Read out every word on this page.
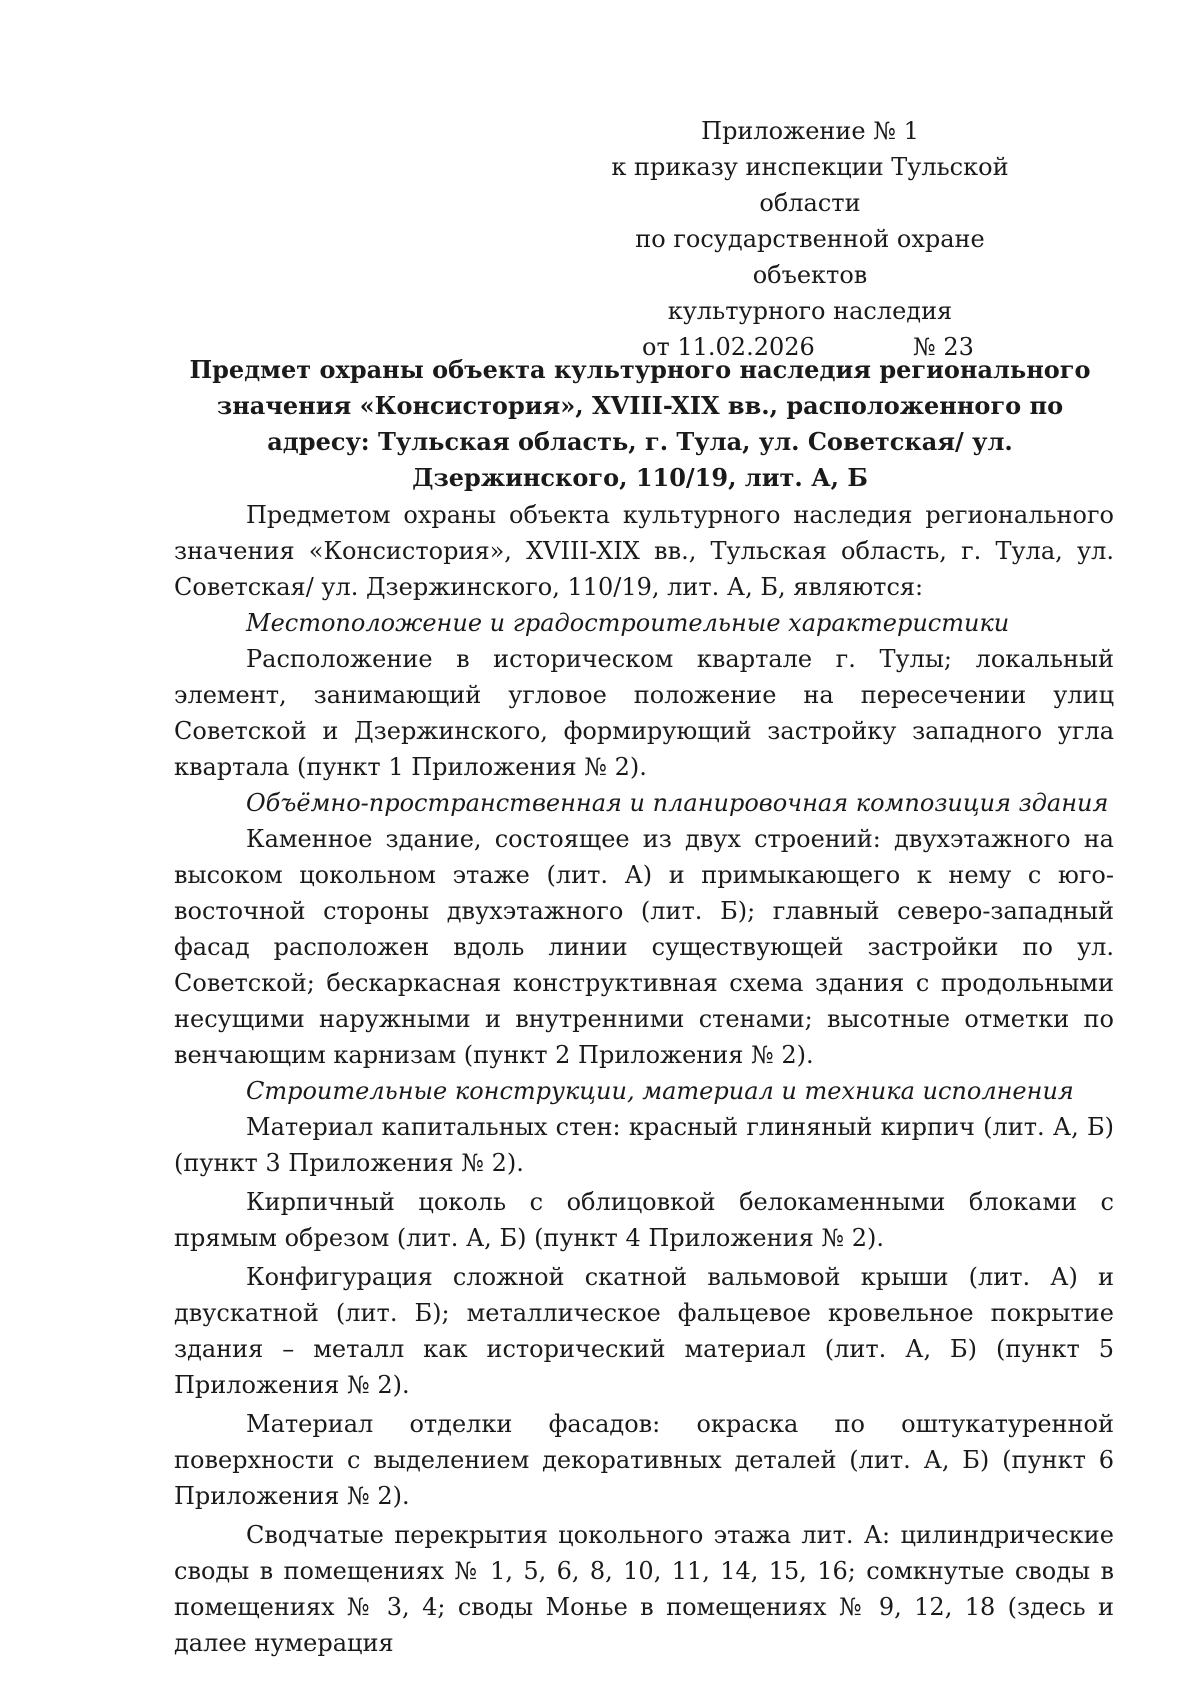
Приложение № 1
к приказу инспекции Тульской области
по государственной охране объектов
культурного наследия
от 11.02.2026	№ 23
Предмет охраны объекта культурного наследия регионального значения «Консистория», XVIII-XIX вв., расположенного по адресу: Тульская область, г. Тула, ул. Советская/ ул. Дзержинского, 110/19, лит. А, Б

Предметом охраны объекта культурного наследия регионального значения «Консистория», XVIII-XIX вв., Тульская область, г. Тула, ул. Советская/ ул. Дзержинского, 110/19, лит. А, Б, являются:

Местоположение и градостроительные характеристики

Расположение в историческом квартале г. Тулы; локальный элемент, занимающий угловое положение на пересечении улиц Советской и Дзержинского, формирующий застройку западного угла квартала (пункт 1 Приложения № 2).

Объёмно-пространственная и планировочная композиция здания

Каменное здание, состоящее из двух строений: двухэтажного на высоком цокольном этаже (лит. А) и примыкающего к нему с юго-восточной стороны двухэтажного (лит. Б); главный северо-западный фасад расположен вдоль линии существующей застройки по ул. Советской; бескаркасная конструктивная схема здания с продольными несущими наружными и внутренними стенами; высотные отметки по венчающим карнизам (пункт 2 Приложения № 2).

Строительные конструкции, материал и техника исполнения

Материал капитальных стен: красный глиняный кирпич (лит. А, Б) (пункт 3 Приложения № 2).

Кирпичный цоколь с облицовкой белокаменными блоками с прямым обрезом (лит. А, Б) (пункт 4 Приложения № 2).

Конфигурация сложной скатной вальмовой крыши (лит. А) и двускатной (лит. Б); металлическое фальцевое кровельное покрытие здания – металл как исторический материал (лит. А, Б) (пункт 5 Приложения № 2).

Материал отделки фасадов: окраска по оштукатуренной поверхности с выделением декоративных деталей (лит. А, Б) (пункт 6 Приложения № 2).

Сводчатые перекрытия цокольного этажа лит. А: цилиндрические своды в помещениях № 1, 5, 6, 8, 10, 11, 14, 15, 16; сомкнутые своды в помещениях № 3, 4; своды Монье в помещениях № 9, 12, 18 (здесь и далее нумерация
